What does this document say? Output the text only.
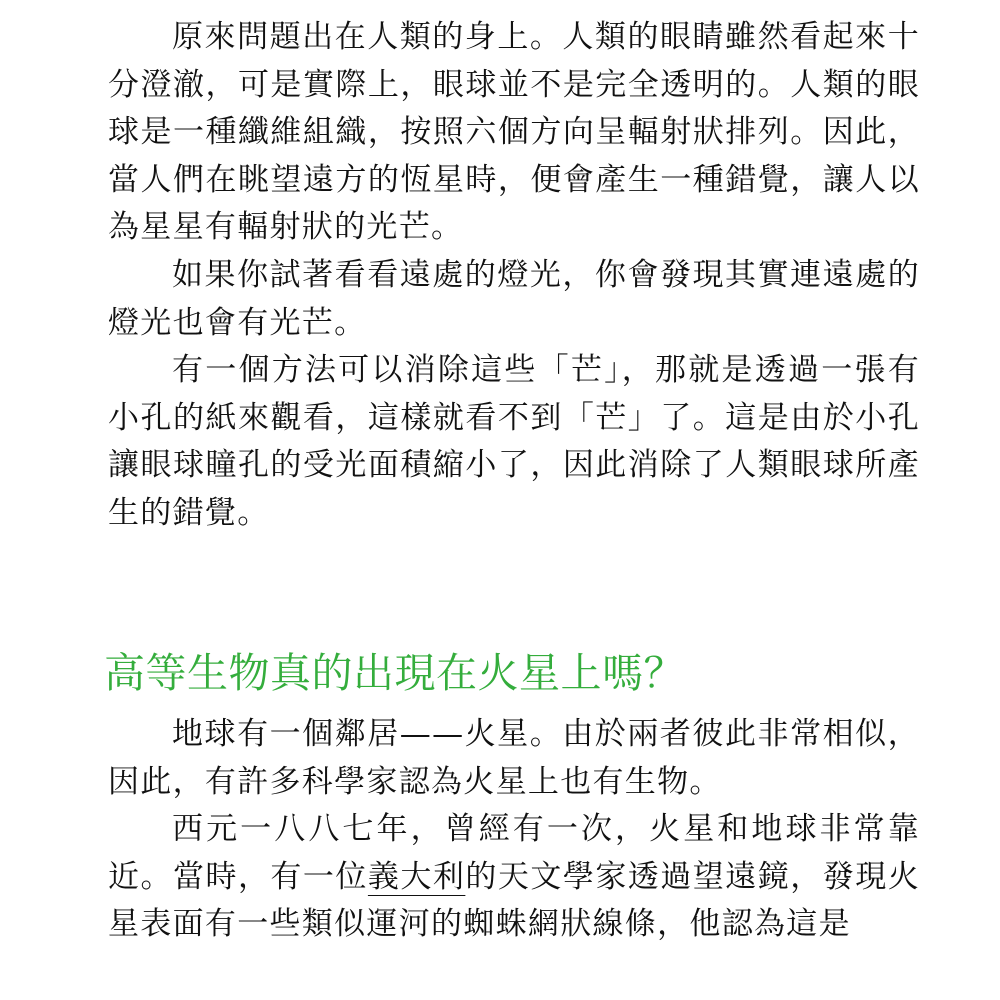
原來問題出在人類的身上。人類的眼睛雖然看起來十分澄澈，可是實際上，眼球並不是完全透明的。人類的眼球是一種纖維組織，按照六個方向呈輻射狀排列。因此，當人們在眺望遠方的恆星時，便會產生一種錯覺，讓人以為星星有輻射狀的光芒。

如果你試著看看遠處的燈光，你會發現其實連遠處的燈光也會有光芒。

有一個方法可以消除這些「芒」，那就是透過一張有小孔的紙來觀看，這樣就看不到「芒」了。這是由於小孔讓眼球瞳孔的受光面積縮小了，因此消除了人類眼球所產生的錯覺。

高等生物真的出現在火星上嗎？

地球有一個鄰居——火星。由於兩者彼此非常相似，因此，有許多科學家認為火星上也有生物。

西元一八八七年，曾經有一次，火星和地球非常靠近。當時，有一位義大利的天文學家透過望遠鏡，發現火星表面有一些類似運河的蜘蛛網狀線條，他認為這是
